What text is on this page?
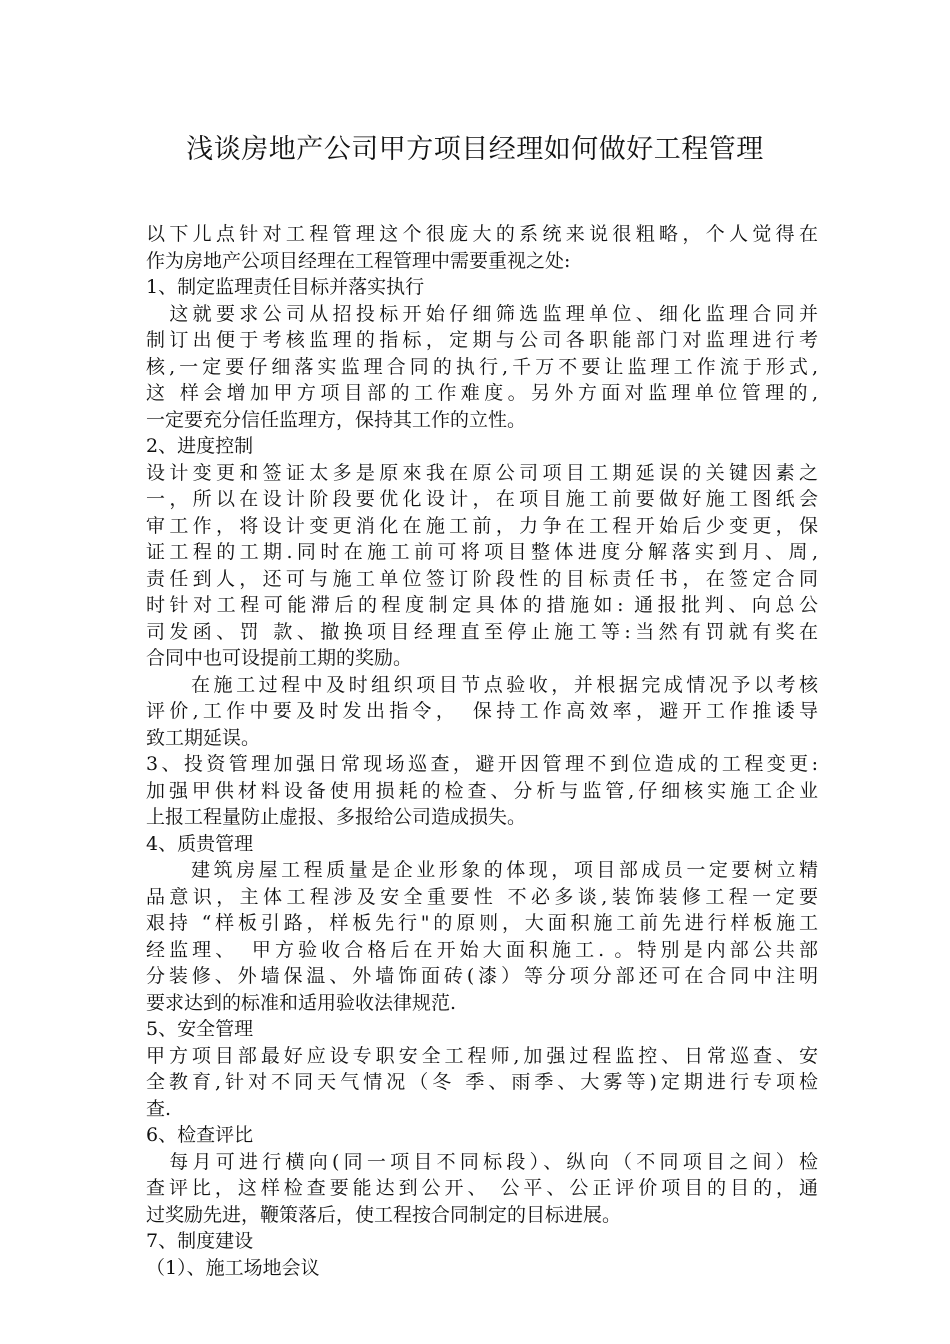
浅谈房地产公司甲方项目经理如何做好工程管理
以下儿点针对工程管理这个很庞大的系统来说很粗略，个人觉得在
作为房地产公项目经理在工程管理中需要重视之处:
1、制定监理责任目标并落实执行
　这就要求公司从招投标开始仔细筛选监理单位、细化监理合同并
制订出便于考核监理的指标，定期与公司各职能部门对监理进行考
核,一定要仔细落实监理合同的执行,千万不要让监理工作流于形式,
这 样会增加甲方项目部的工作难度。另外方面对监理单位管理的,
一定要充分信任监理方，保持其工作的立性。
2、进度控制
设计变更和签证太多是原來我在原公司项目工期延误的关键因素之
一，所以在设计阶段要优化设计，在项目施工前要做好施工图纸会
审工作，将设计变更消化在施工前，力争在工程开始后少变更，保
证工程的工期.同时在施工前可将项目整体进度分解落实到月、周,
责任到人，还可与施工单位签订阶段性的目标责任书，在签定合同
时针对工程可能滞后的程度制定具体的措施如: 通报批判、向总公
司发函、罚 款、撤换项目经理直至停止施工等:当然有罚就有奖在
合同中也可设提前工期的奖励。
　　在施工过程中及时组织项目节点验收，并根据完成情况予以考核
评价,工作中要及时发出指令，　保持工作高效率，避开工作推诿导
致工期延误。
3、投资管理加强日常现场巡查，避开因管理不到位造成的工程变更:
加强甲供材料设备使用损耗的检查、分析与监管,仔细核实施工企业
上报工程量防止虚报、多报给公司造成损失。
4、质贵管理
　　建筑房屋工程质量是企业形象的体现，项目部成员一定要树立精
品意识，主体工程涉及安全重要性 不必多谈,装饰装修工程一定要
艰持 “样板引路，样板先行"的原则，大面积施工前先进行样板施工
经监理、　甲方验收合格后在开始大面积施工. 。特別是内部公共部
分装修、外墙保温、外墙饰面砖(漆）等分项分部还可在合同中注明
要求达到的标准和适用验收法律规范.
5、安全管理
甲方项目部最好应设专职安全工程师,加强过程监控、日常巡查、安
全教育,针对不同天气情况（冬 季、雨季、大雾等)定期进行专项检
查.
6、检查评比
　每月可进行横向(同一项目不同标段）、纵向（不同项目之间）检
查评比，这样检查要能达到公开、 公平、公正评价项目的目的，通
过奖励先进，鞭策落后，使工程按合同制定的目标进展。
7、制度建设
（1）、施工场地会议
